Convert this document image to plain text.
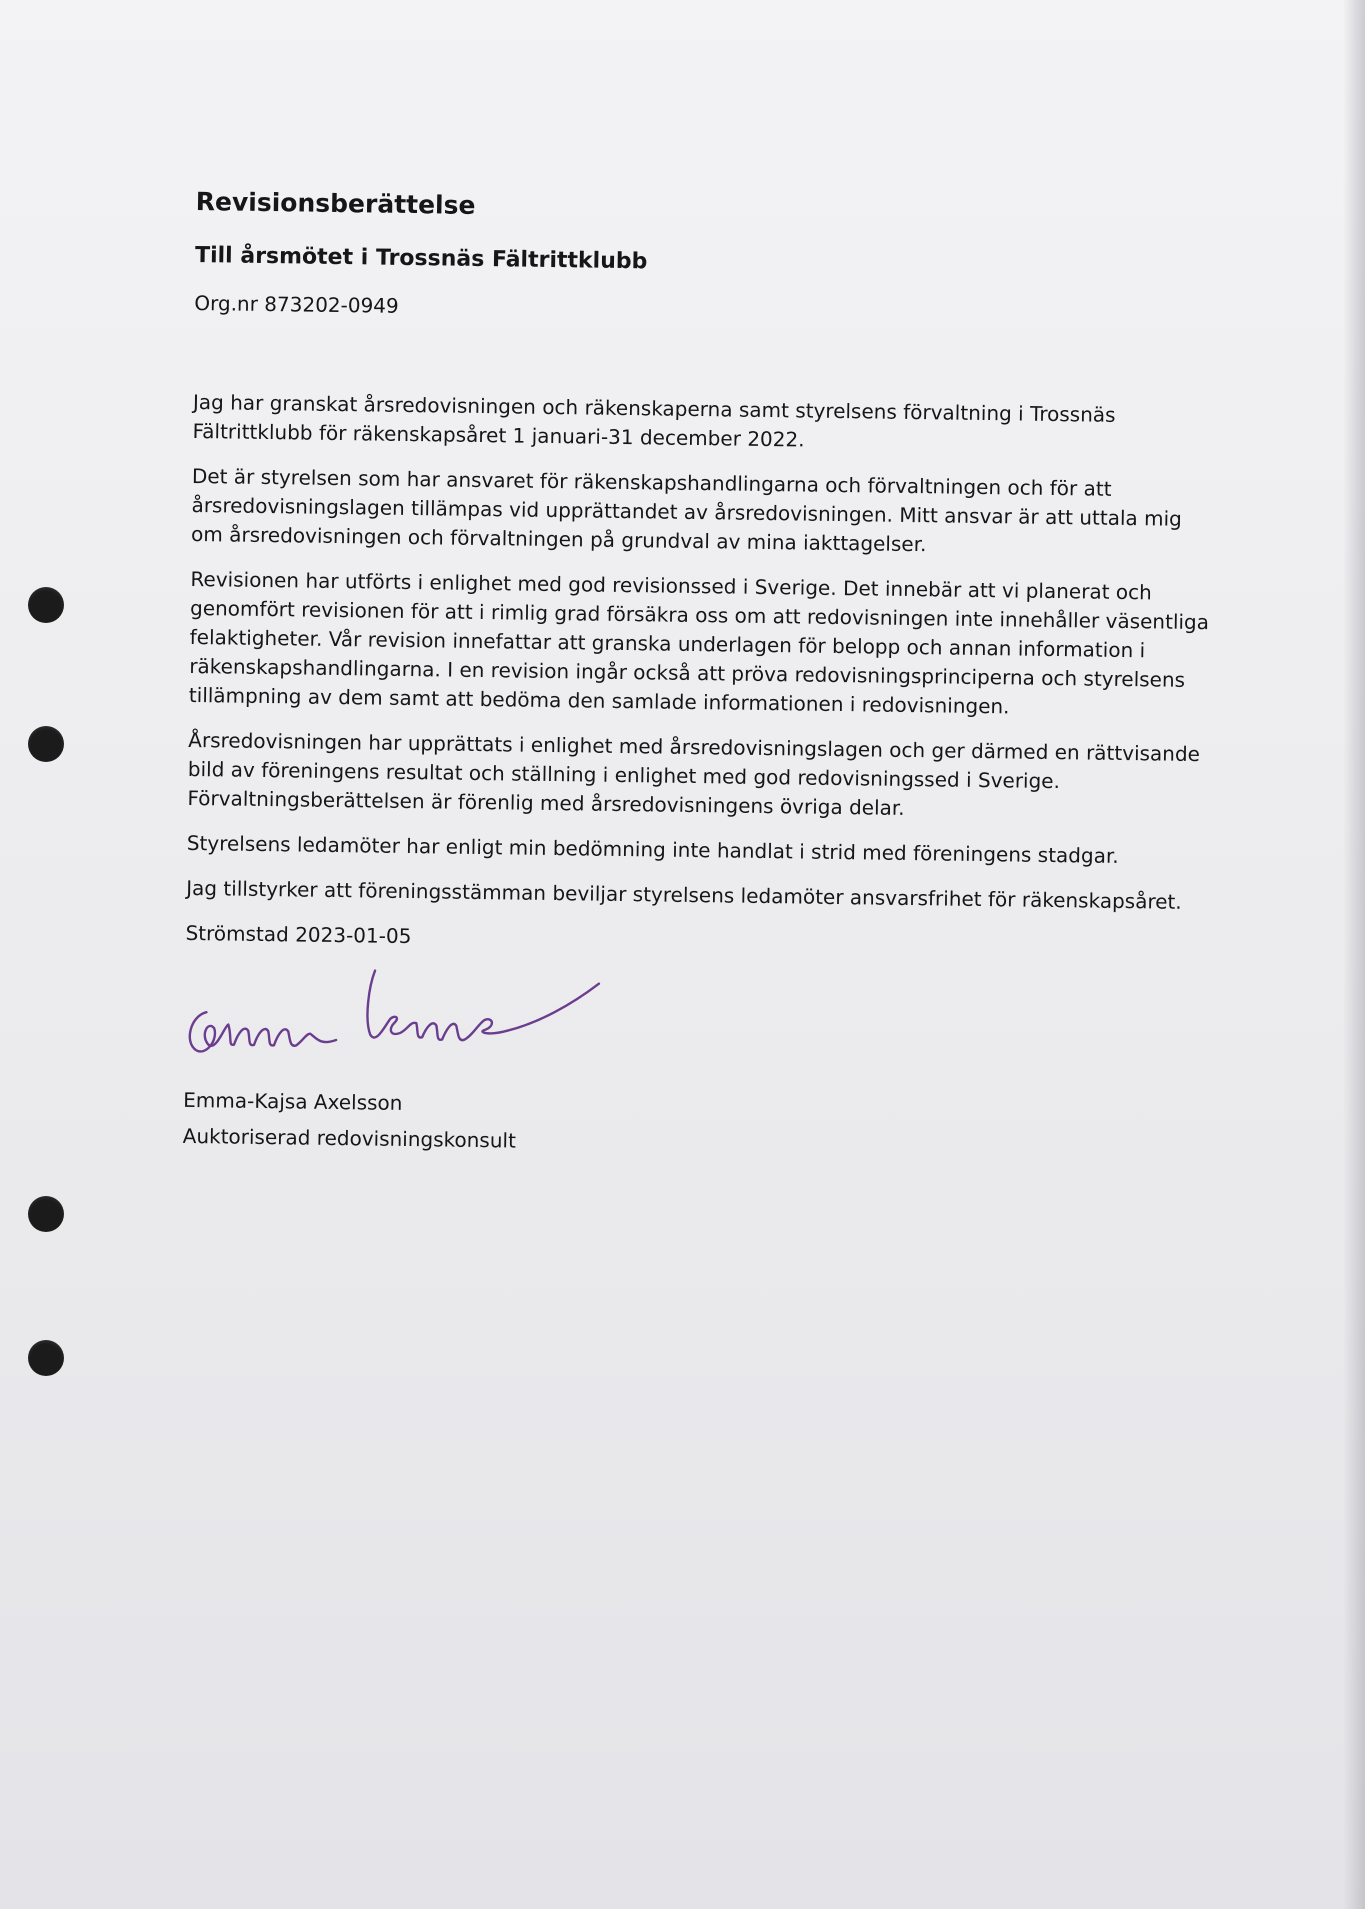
Revisionsberättelse
Till årsmötet i Trossnäs Fältrittklubb
Org.nr 873202-0949

Jag har granskat årsredovisningen och räkenskaperna samt styrelsens förvaltning i Trossnäs Fältrittklubb för räkenskapsåret 1 januari-31 december 2022.

Det är styrelsen som har ansvaret för räkenskapshandlingarna och förvaltningen och för att årsredovisningslagen tillämpas vid upprättandet av årsredovisningen. Mitt ansvar är att uttala mig om årsredovisningen och förvaltningen på grundval av mina iakttagelser.

Revisionen har utförts i enlighet med god revisionssed i Sverige. Det innebär att vi planerat och genomfört revisionen för att i rimlig grad försäkra oss om att redovisningen inte innehåller väsentliga felaktigheter. Vår revision innefattar att granska underlagen för belopp och annan information i räkenskapshandlingarna. I en revision ingår också att pröva redovisningsprinciperna och styrelsens tillämpning av dem samt att bedöma den samlade informationen i redovisningen.

Årsredovisningen har upprättats i enlighet med årsredovisningslagen och ger därmed en rättvisande bild av föreningens resultat och ställning i enlighet med god redovisningssed i Sverige. Förvaltningsberättelsen är förenlig med årsredovisningens övriga delar.

Styrelsens ledamöter har enligt min bedömning inte handlat i strid med föreningens stadgar.

Jag tillstyrker att föreningsstämman beviljar styrelsens ledamöter ansvarsfrihet för räkenskapsåret.

Strömstad 2023-01-05
Emma-Kajsa Axelsson
Auktoriserad redovisningskonsult
